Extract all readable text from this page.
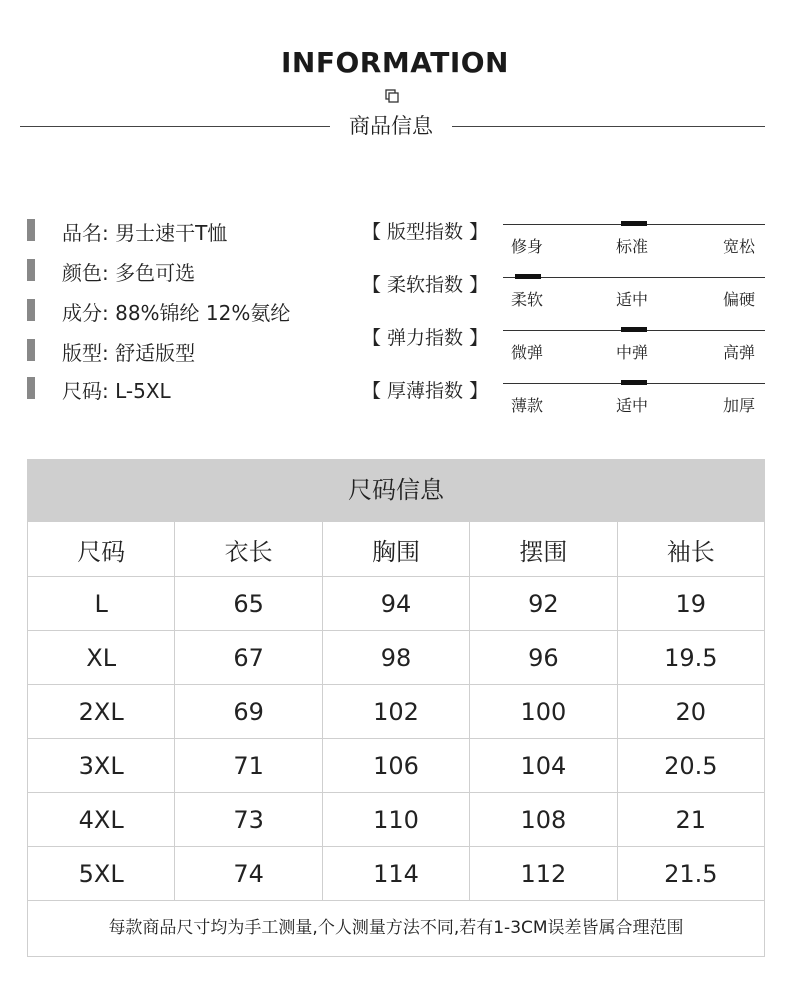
INFORMATION
商品信息
品名: 男士速干T恤
颜色: 多色可选
成分: 88%锦纶 12%氨纶
版型: 舒适版型
尺码: L-5XL
【 版型指数 】
修身	标准	宽松
【 柔软指数 】
柔软	适中	偏硬
【 弹力指数 】
微弹	中弹	高弹
【 厚薄指数 】
薄款	适中	加厚
尺码信息
尺码	衣长	胸围	摆围	袖长
L	65	94	92	19
XL	67	98	96	19.5
2XL	69	102	100	20
3XL	71	106	104	20.5
4XL	73	110	108	21
5XL	74	114	112	21.5
每款商品尺寸均为手工测量,个人测量方法不同,若有1-3CM误差皆属合理范围
